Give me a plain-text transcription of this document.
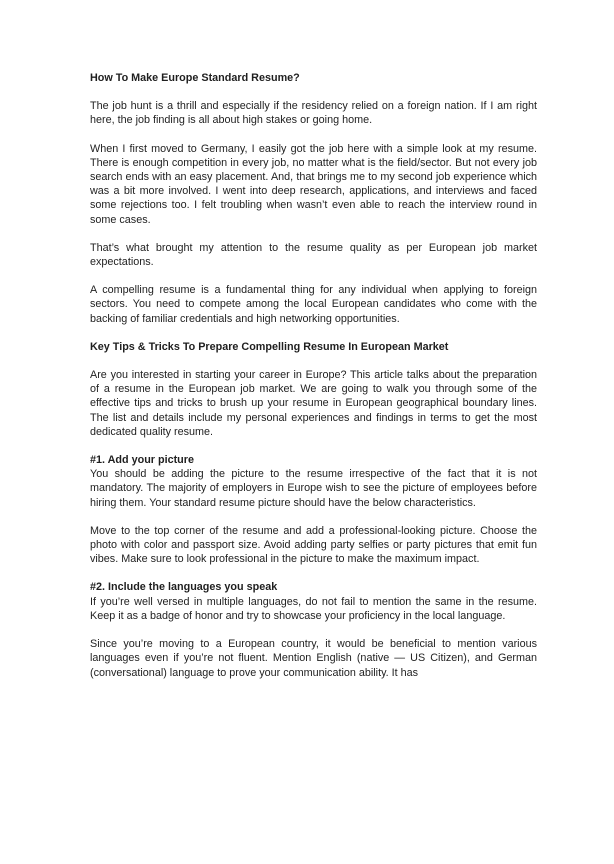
How To Make Europe Standard Resume?

The job hunt is a thrill and especially if the residency relied on a foreign nation. If I am right here, the job finding is all about high stakes or going home.

When I first moved to Germany, I easily got the job here with a simple look at my resume. There is enough competition in every job, no matter what is the field/sector. But not every job search ends with an easy placement. And, that brings me to my second job experience which was a bit more involved. I went into deep research, applications, and interviews and faced some rejections too. I felt troubling when wasn’t even able to reach the interview round in some cases.

That’s what brought my attention to the resume quality as per European job market expectations.

A compelling resume is a fundamental thing for any individual when applying to foreign sectors. You need to compete among the local European candidates who come with the backing of familiar credentials and high networking opportunities.

Key Tips & Tricks To Prepare Compelling Resume In European Market

Are you interested in starting your career in Europe? This article talks about the preparation of a resume in the European job market. We are going to walk you through some of the effective tips and tricks to brush up your resume in European geographical boundary lines. The list and details include my personal experiences and findings in terms to get the most dedicated quality resume.

#1. Add your picture

You should be adding the picture to the resume irrespective of the fact that it is not mandatory. The majority of employers in Europe wish to see the picture of employees before hiring them. Your standard resume picture should have the below characteristics.

Move to the top corner of the resume and add a professional-looking picture. Choose the photo with color and passport size. Avoid adding party selfies or party pictures that emit fun vibes. Make sure to look professional in the picture to make the maximum impact.

#2. Include the languages you speak

If you’re well versed in multiple languages, do not fail to mention the same in the resume. Keep it as a badge of honor and try to showcase your proficiency in the local language.

Since you’re moving to a European country, it would be beneficial to mention various languages even if you’re not fluent. Mention English (native — US Citizen), and German (conversational) language to prove your communication ability. It has
